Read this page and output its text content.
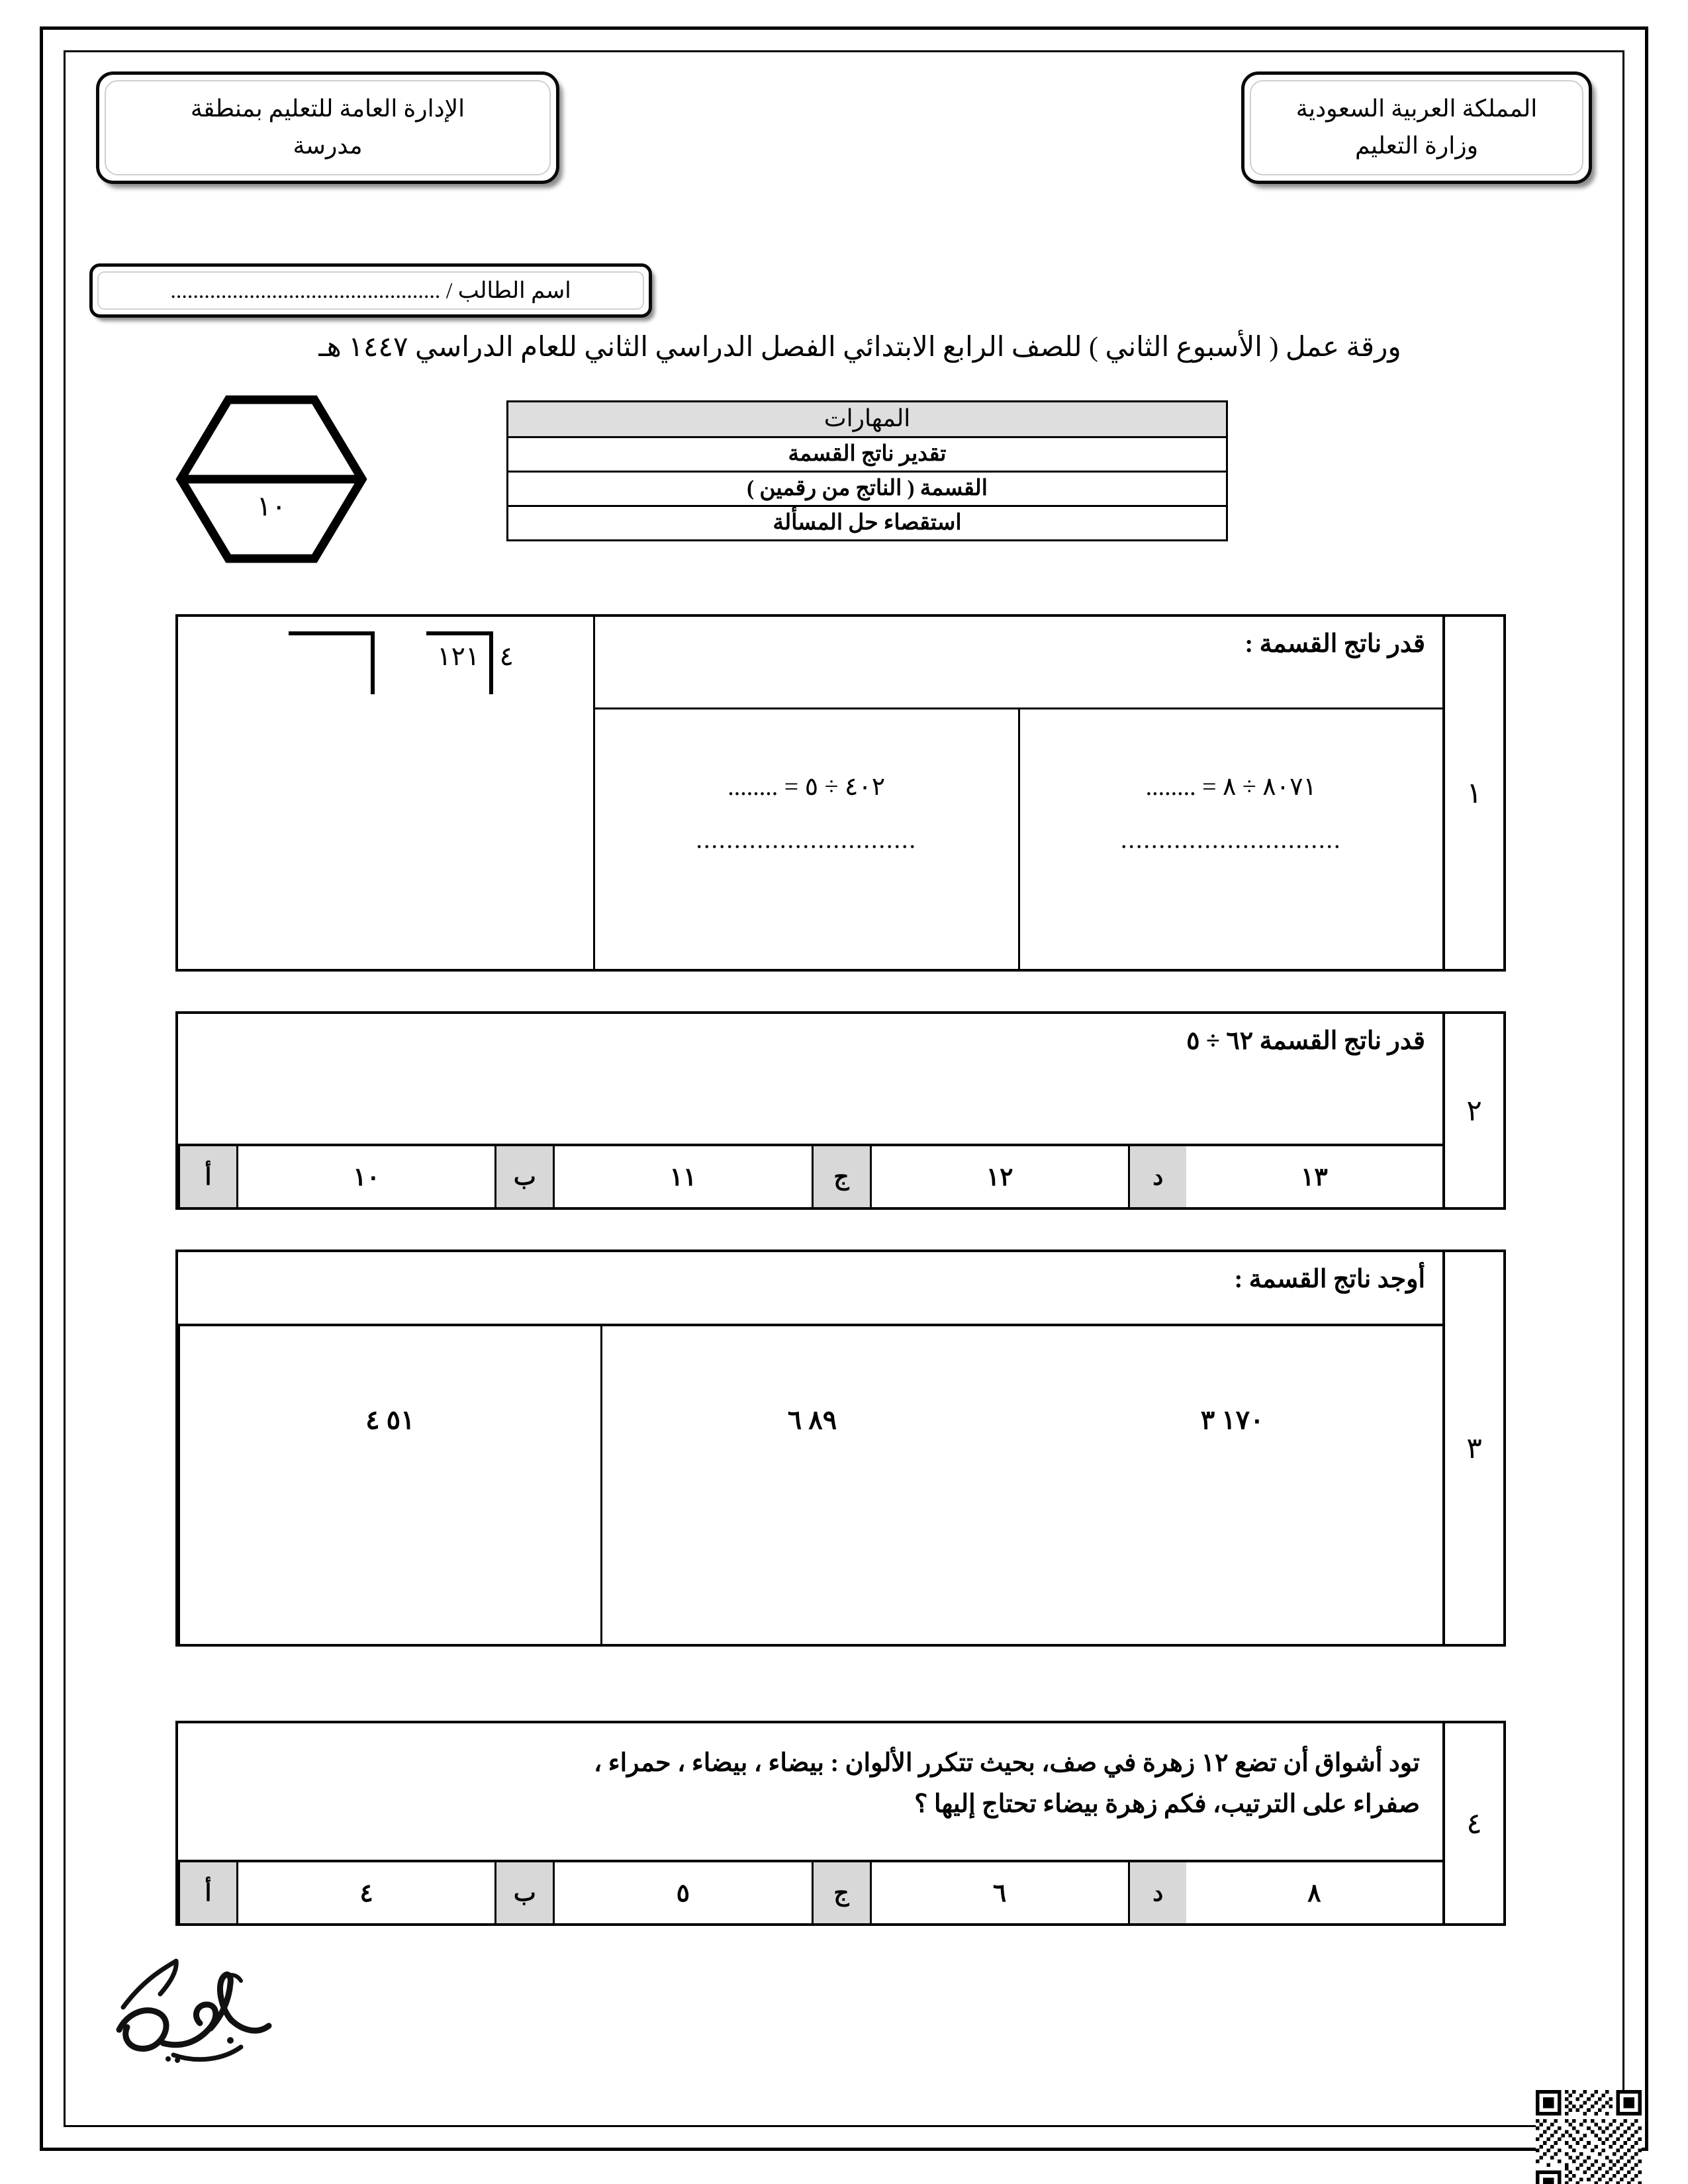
المملكة العربية السعودية
وزارة التعليم
الإدارة العامة للتعليم بمنطقة
مدرسة
اسم الطالب / ................................................
ورقة عمل ( الأسبوع الثاني ) للصف الرابع الابتدائي الفصل الدراسي الثاني للعام الدراسي ١٤٤٧ هـ
١٠
المهارات
تقدير ناتج القسمة
القسمة ( الناتج من رقمين )
استقصاء حل المسألة
١
٤١٢١
	قدر ناتج القسمة :
٨٠٧١ ÷ ٨ = ........
.............................
٤٠٢ ÷ ٥ = ........
.............................
٢
قدر ناتج القسمة ٦٢ ÷ ٥
أ	١٠	ب	١١	ج	١٢	د	١٣
٣
أوجد ناتج القسمة :
٥١ ٤	٨٩ ٦	١٧٠ ٣
٤
تود أشواق أن تضع ١٢ زهرة في صف، بحيث تتكرر الألوان : بيضاء ، بيضاء ، حمراء ،
صفراء على الترتيب، فكم زهرة بيضاء تحتاج إليها ؟
أ	٤	ب	٥	ج	٦	د	٨
